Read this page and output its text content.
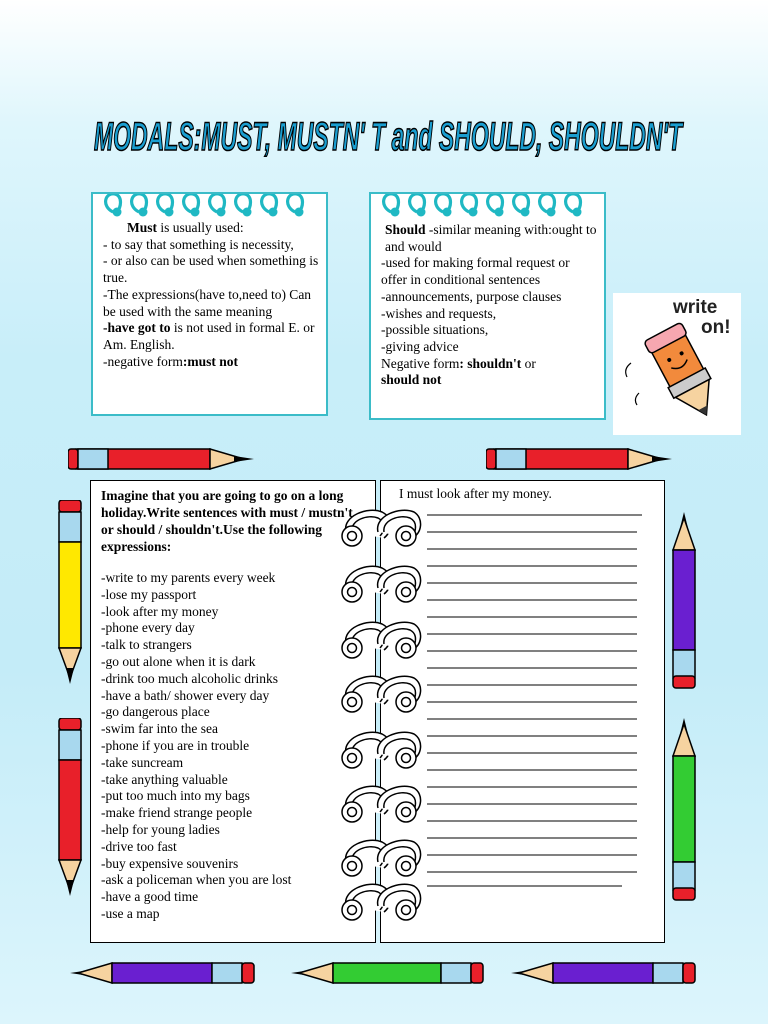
MODALS:MUST, MUSTN' T and SHOULD, SHOULDN'T

Must is usually used:

- to say that something is necessity,

- or also can be used when something is true.

-The expressions(have to,need to) Can be used with the same meaning

-have got to is not used in formal E. or Am. English.

-negative form:must not

Should -similar meaning with:ought to and would

-used for making formal request or offer in conditional sentences

-announcements, purpose clauses

-wishes and requests,

-possible situations,

-giving advice

Negative form: shouldn't or
should not

write
on!
Imagine that you are going to go on a long holiday.Write sentences with must / mustn't or should / shouldn't.Use the following expressions:
-write to my parents every week
-lose my passport
-look after my money
-phone every day
-talk to strangers
-go out alone when it is dark
-drink too much alcoholic drinks
-have a bath/ shower every day
-go dangerous place
-swim far into the sea
-phone if you are in trouble
-take suncream
-take anything valuable
-put too much into my bags
-make friend strange people
-help for young ladies
-drive too fast
-buy expensive souvenirs
-ask a policeman when you are lost
-have a good time
-use a map
I must look after my money.
